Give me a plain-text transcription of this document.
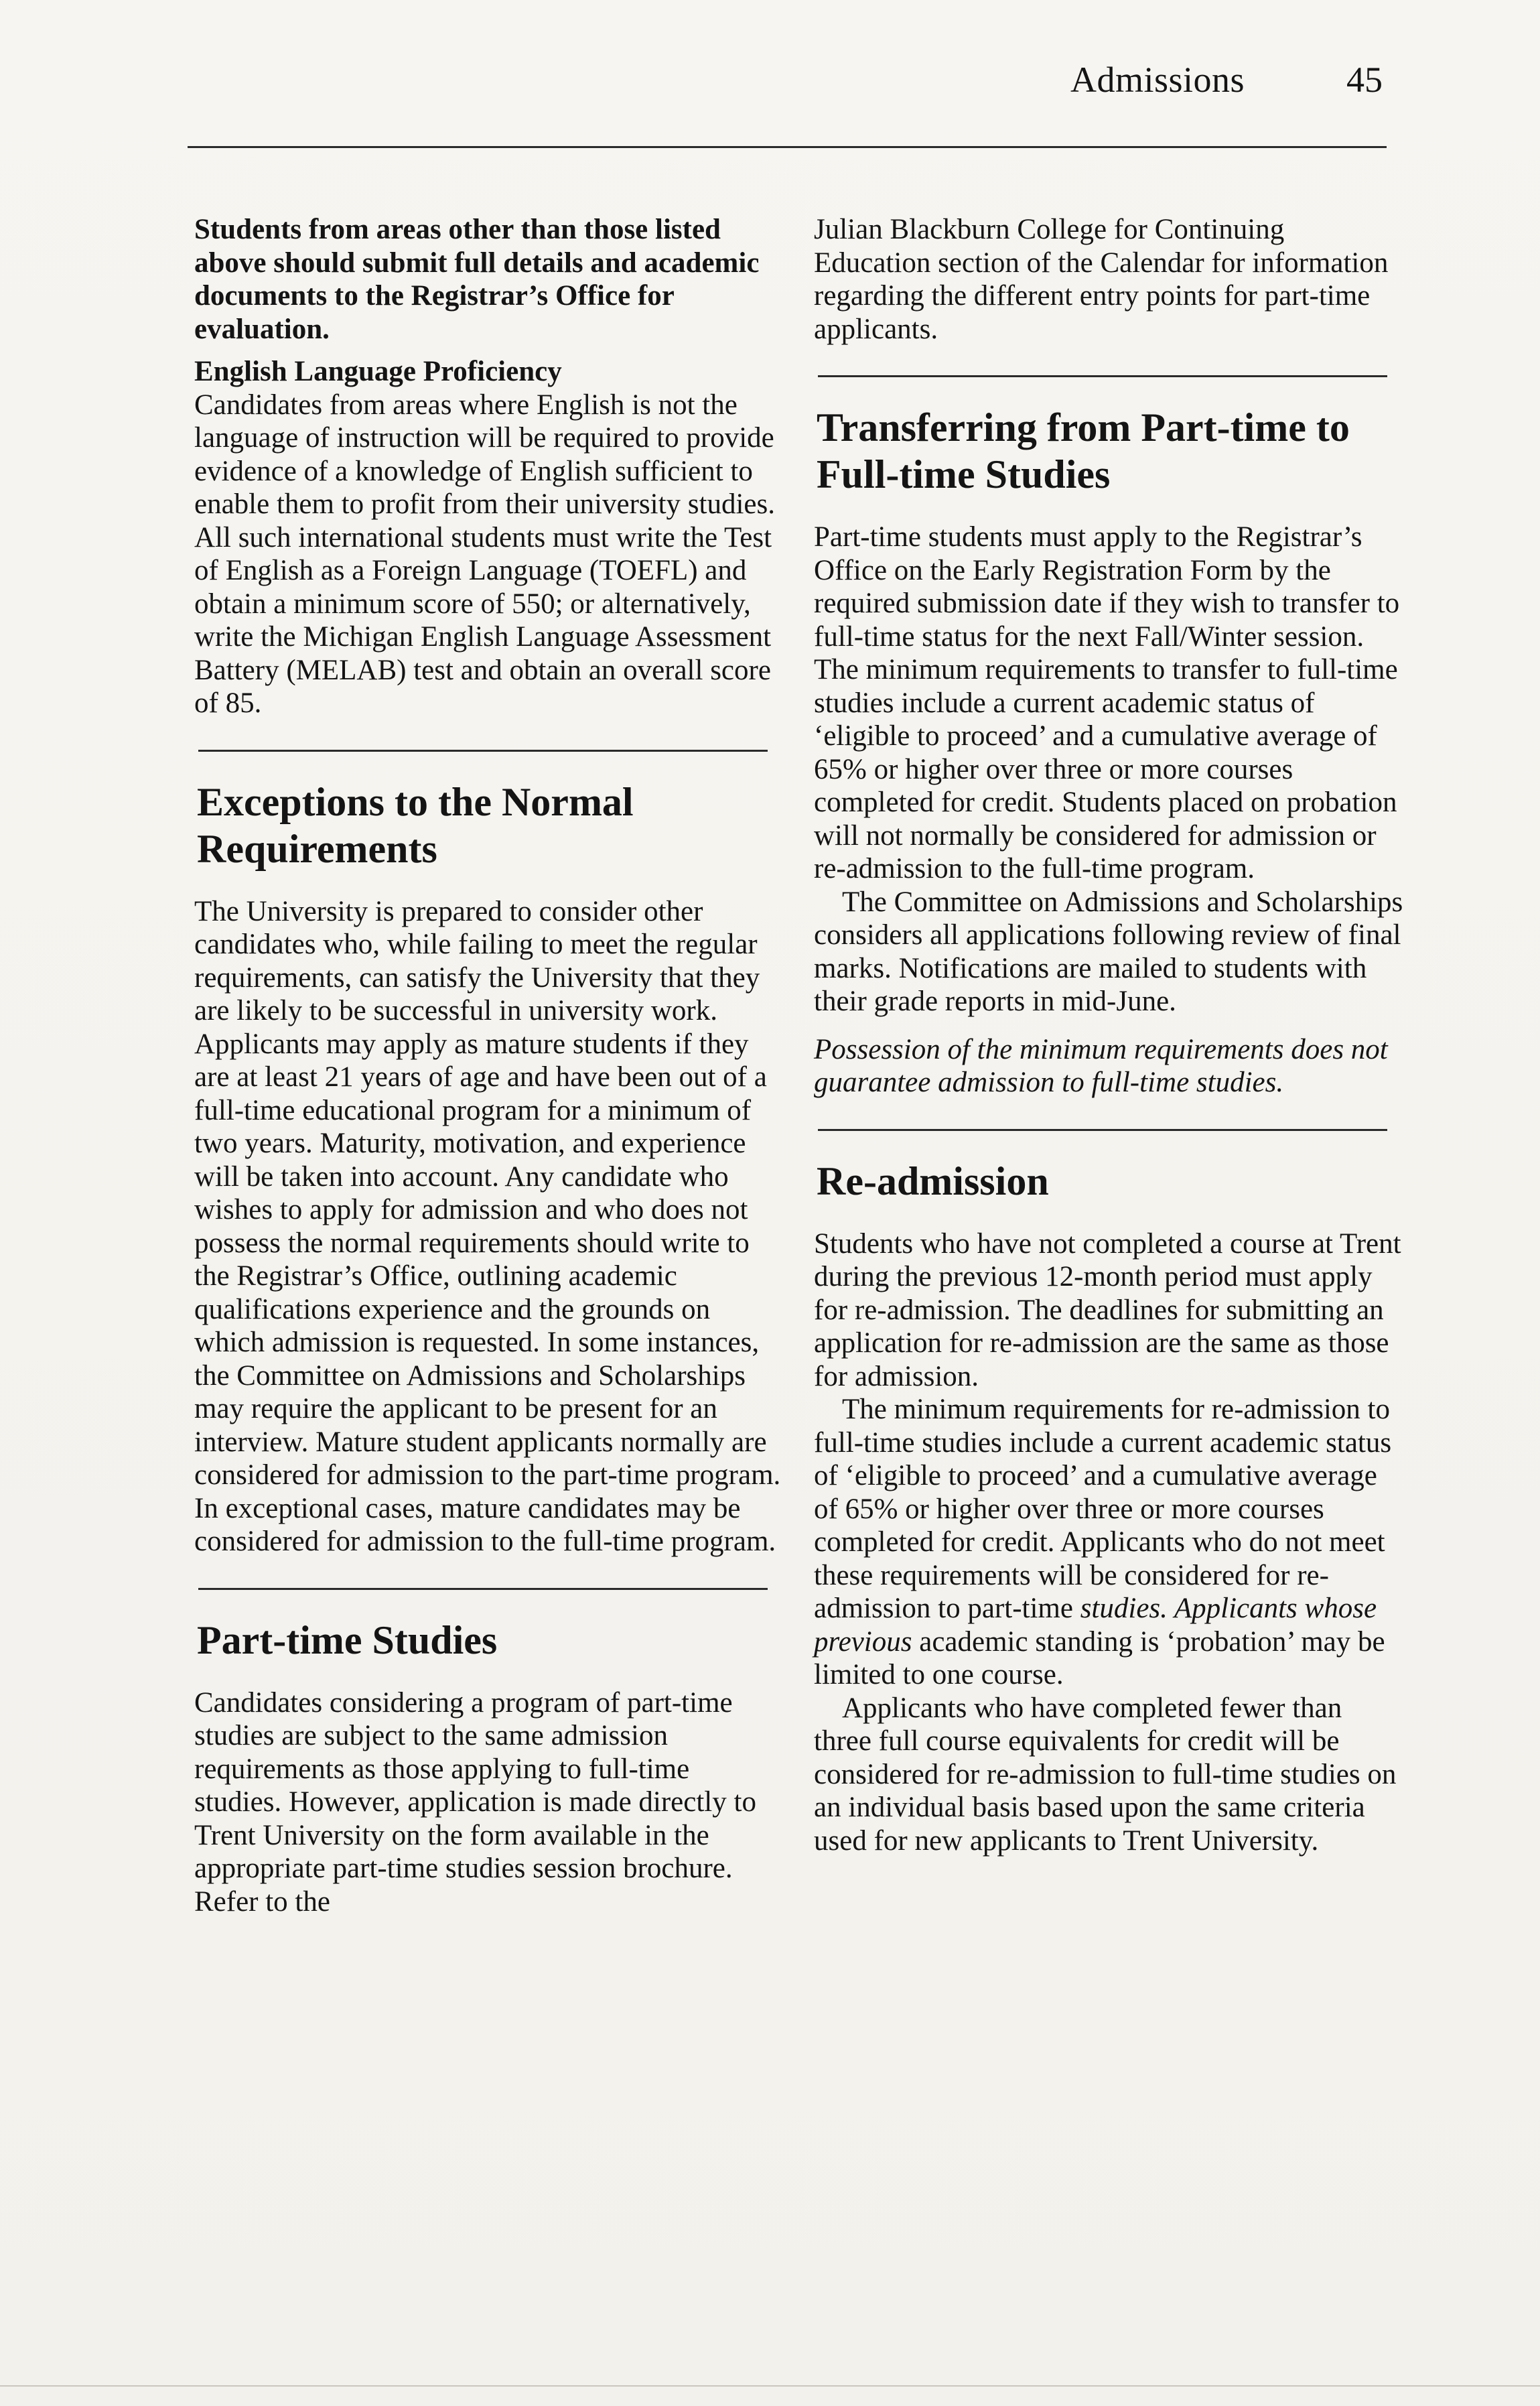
Admissions	45

Students from areas other than those listed above should submit full details and academic documents to the Registrar’s Office for evaluation.

English Language Proficiency

Candidates from areas where English is not the language of instruction will be required to provide evidence of a knowledge of English sufficient to enable them to profit from their university studies. All such international students must write the Test of English as a Foreign Language (TOEFL) and obtain a minimum score of 550; or alternatively, write the Michigan English Language Assessment Battery (MELAB) test and obtain an overall score of 85.

Exceptions to the Normal Requirements

The University is prepared to consider other candidates who, while failing to meet the regular requirements, can satisfy the University that they are likely to be successful in university work. Applicants may apply as mature students if they are at least 21 years of age and have been out of a full-time educational program for a minimum of two years. Maturity, motivation, and experience will be taken into account. Any candidate who wishes to apply for admission and who does not possess the normal requirements should write to the Registrar’s Office, outlining academic qualifications experience and the grounds on which admission is requested. In some instances, the Committee on Admissions and Scholarships may require the applicant to be present for an interview. Mature student applicants normally are considered for admission to the part-time program. In exceptional cases, mature candidates may be considered for admission to the full-time program.

Part-time Studies

Candidates considering a program of part-time studies are subject to the same admission requirements as those applying to full-time studies. However, application is made directly to Trent University on the form available in the appropriate part-time studies session brochure. Refer to the

Julian Blackburn College for Continuing Education section of the Calendar for information regarding the different entry points for part-time applicants.

Transferring from Part-time to Full-time Studies

Part-time students must apply to the Registrar’s Office on the Early Registration Form by the required submission date if they wish to transfer to full-time status for the next Fall/Winter session. The minimum requirements to transfer to full-time studies include a current academic status of ‘eligible to proceed’ and a cumulative average of 65% or higher over three or more courses completed for credit. Students placed on probation will not normally be considered for admission or re-admission to the full-time program.

The Committee on Admissions and Scholarships considers all applications following review of final marks. Notifications are mailed to students with their grade reports in mid-June.

Possession of the minimum requirements does not guarantee admission to full-time studies.

Re-admission

Students who have not completed a course at Trent during the previous 12-month period must apply for re-admission. The deadlines for submitting an application for re-admission are the same as those for admission.

The minimum requirements for re-admission to full-time studies include a current academic status of ‘eligible to proceed’ and a cumulative average of 65% or higher over three or more courses completed for credit. Applicants who do not meet these requirements will be considered for re-admission to part-time studies. Applicants whose previous academic standing is ‘probation’ may be limited to one course.

Applicants who have completed fewer than three full course equivalents for credit will be considered for re-admission to full-time studies on an individual basis based upon the same criteria used for new applicants to Trent University.
